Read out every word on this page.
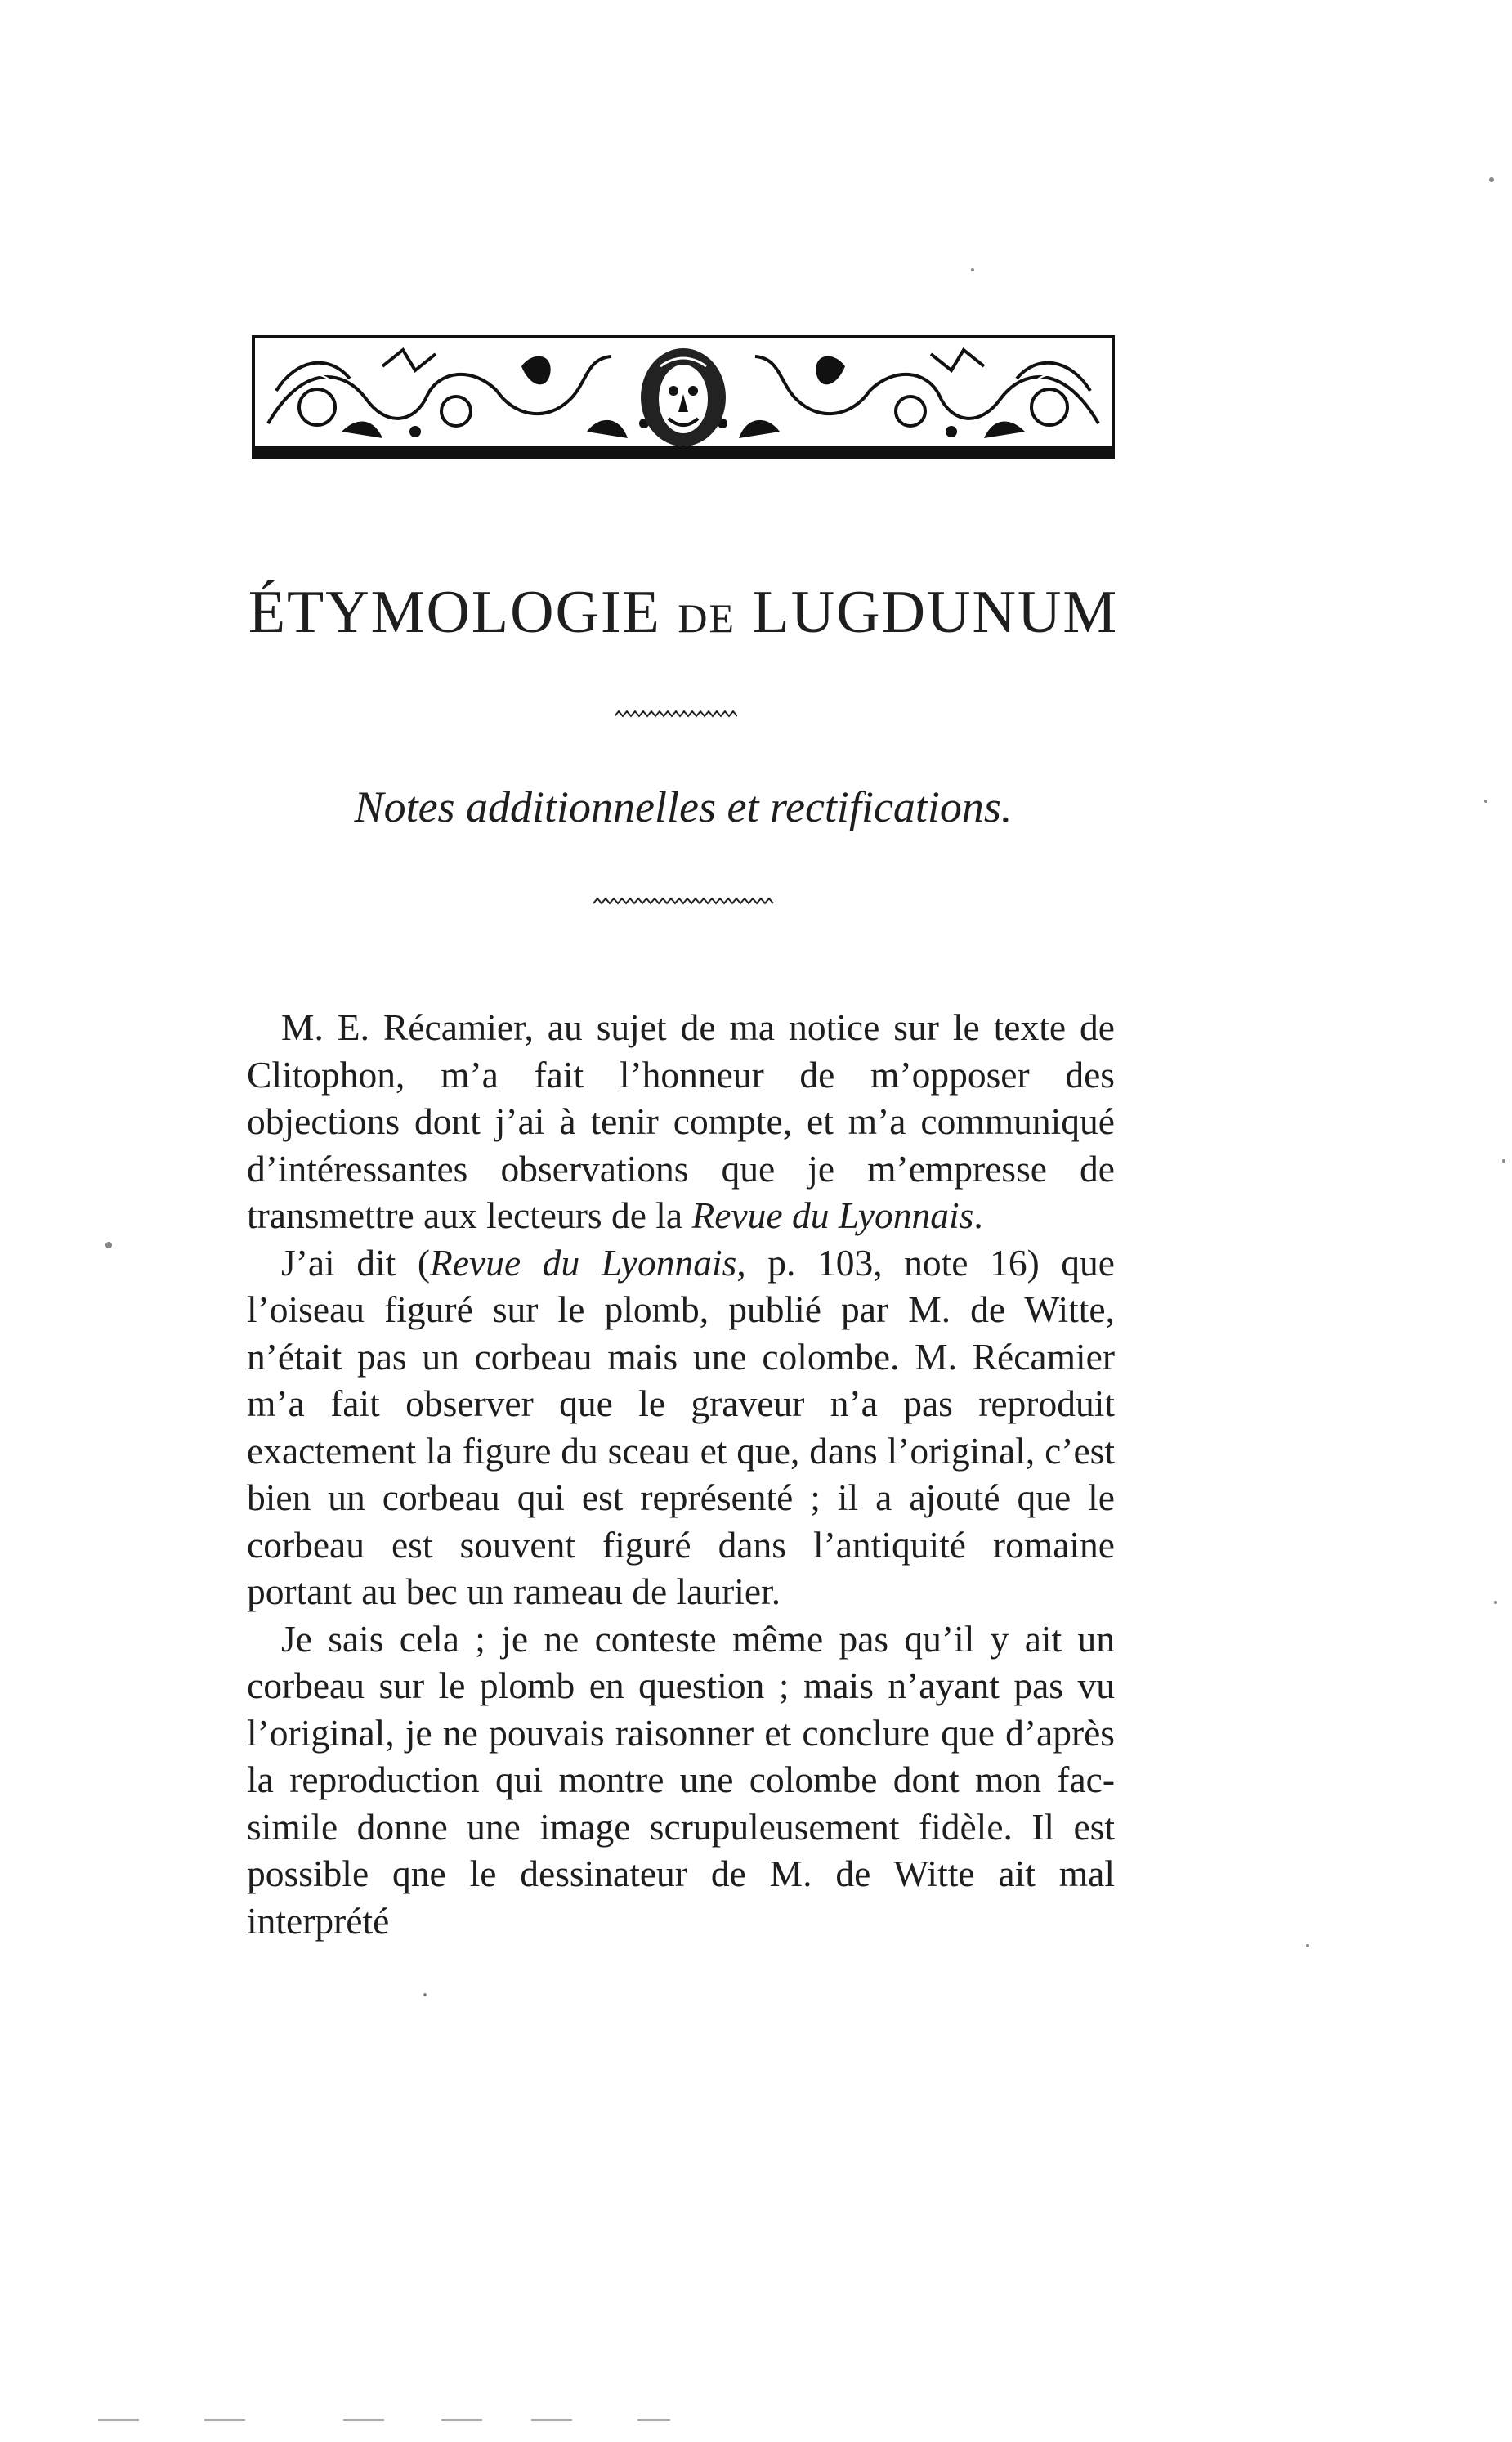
ÉTYMOLOGIE DE LUGDUNUM
Notes additionnelles et rectifications.

M. E. Récamier, au sujet de ma notice sur le texte de Clitophon, m’a fait l’honneur de m’opposer des objections dont j’ai à tenir compte, et m’a communiqué d’intéressantes observations que je m’empresse de transmettre aux lecteurs de la Revue du Lyonnais.

J’ai dit (Revue du Lyonnais, p. 103, note 16) que l’oiseau figuré sur le plomb, publié par M. de Witte, n’était pas un corbeau mais une colombe. M. Récamier m’a fait observer que le graveur n’a pas reproduit exactement la figure du sceau et que, dans l’original, c’est bien un corbeau qui est représenté ; il a ajouté que le corbeau est souvent figuré dans l’antiquité romaine portant au bec un rameau de laurier.

Je sais cela ; je ne conteste même pas qu’il y ait un corbeau sur le plomb en question ; mais n’ayant pas vu l’original, je ne pouvais raisonner et conclure que d’après la reproduction qui montre une colombe dont mon fac-simile donne une image scrupuleusement fidèle. Il est possible qne le dessinateur de M. de Witte ait mal interprété
